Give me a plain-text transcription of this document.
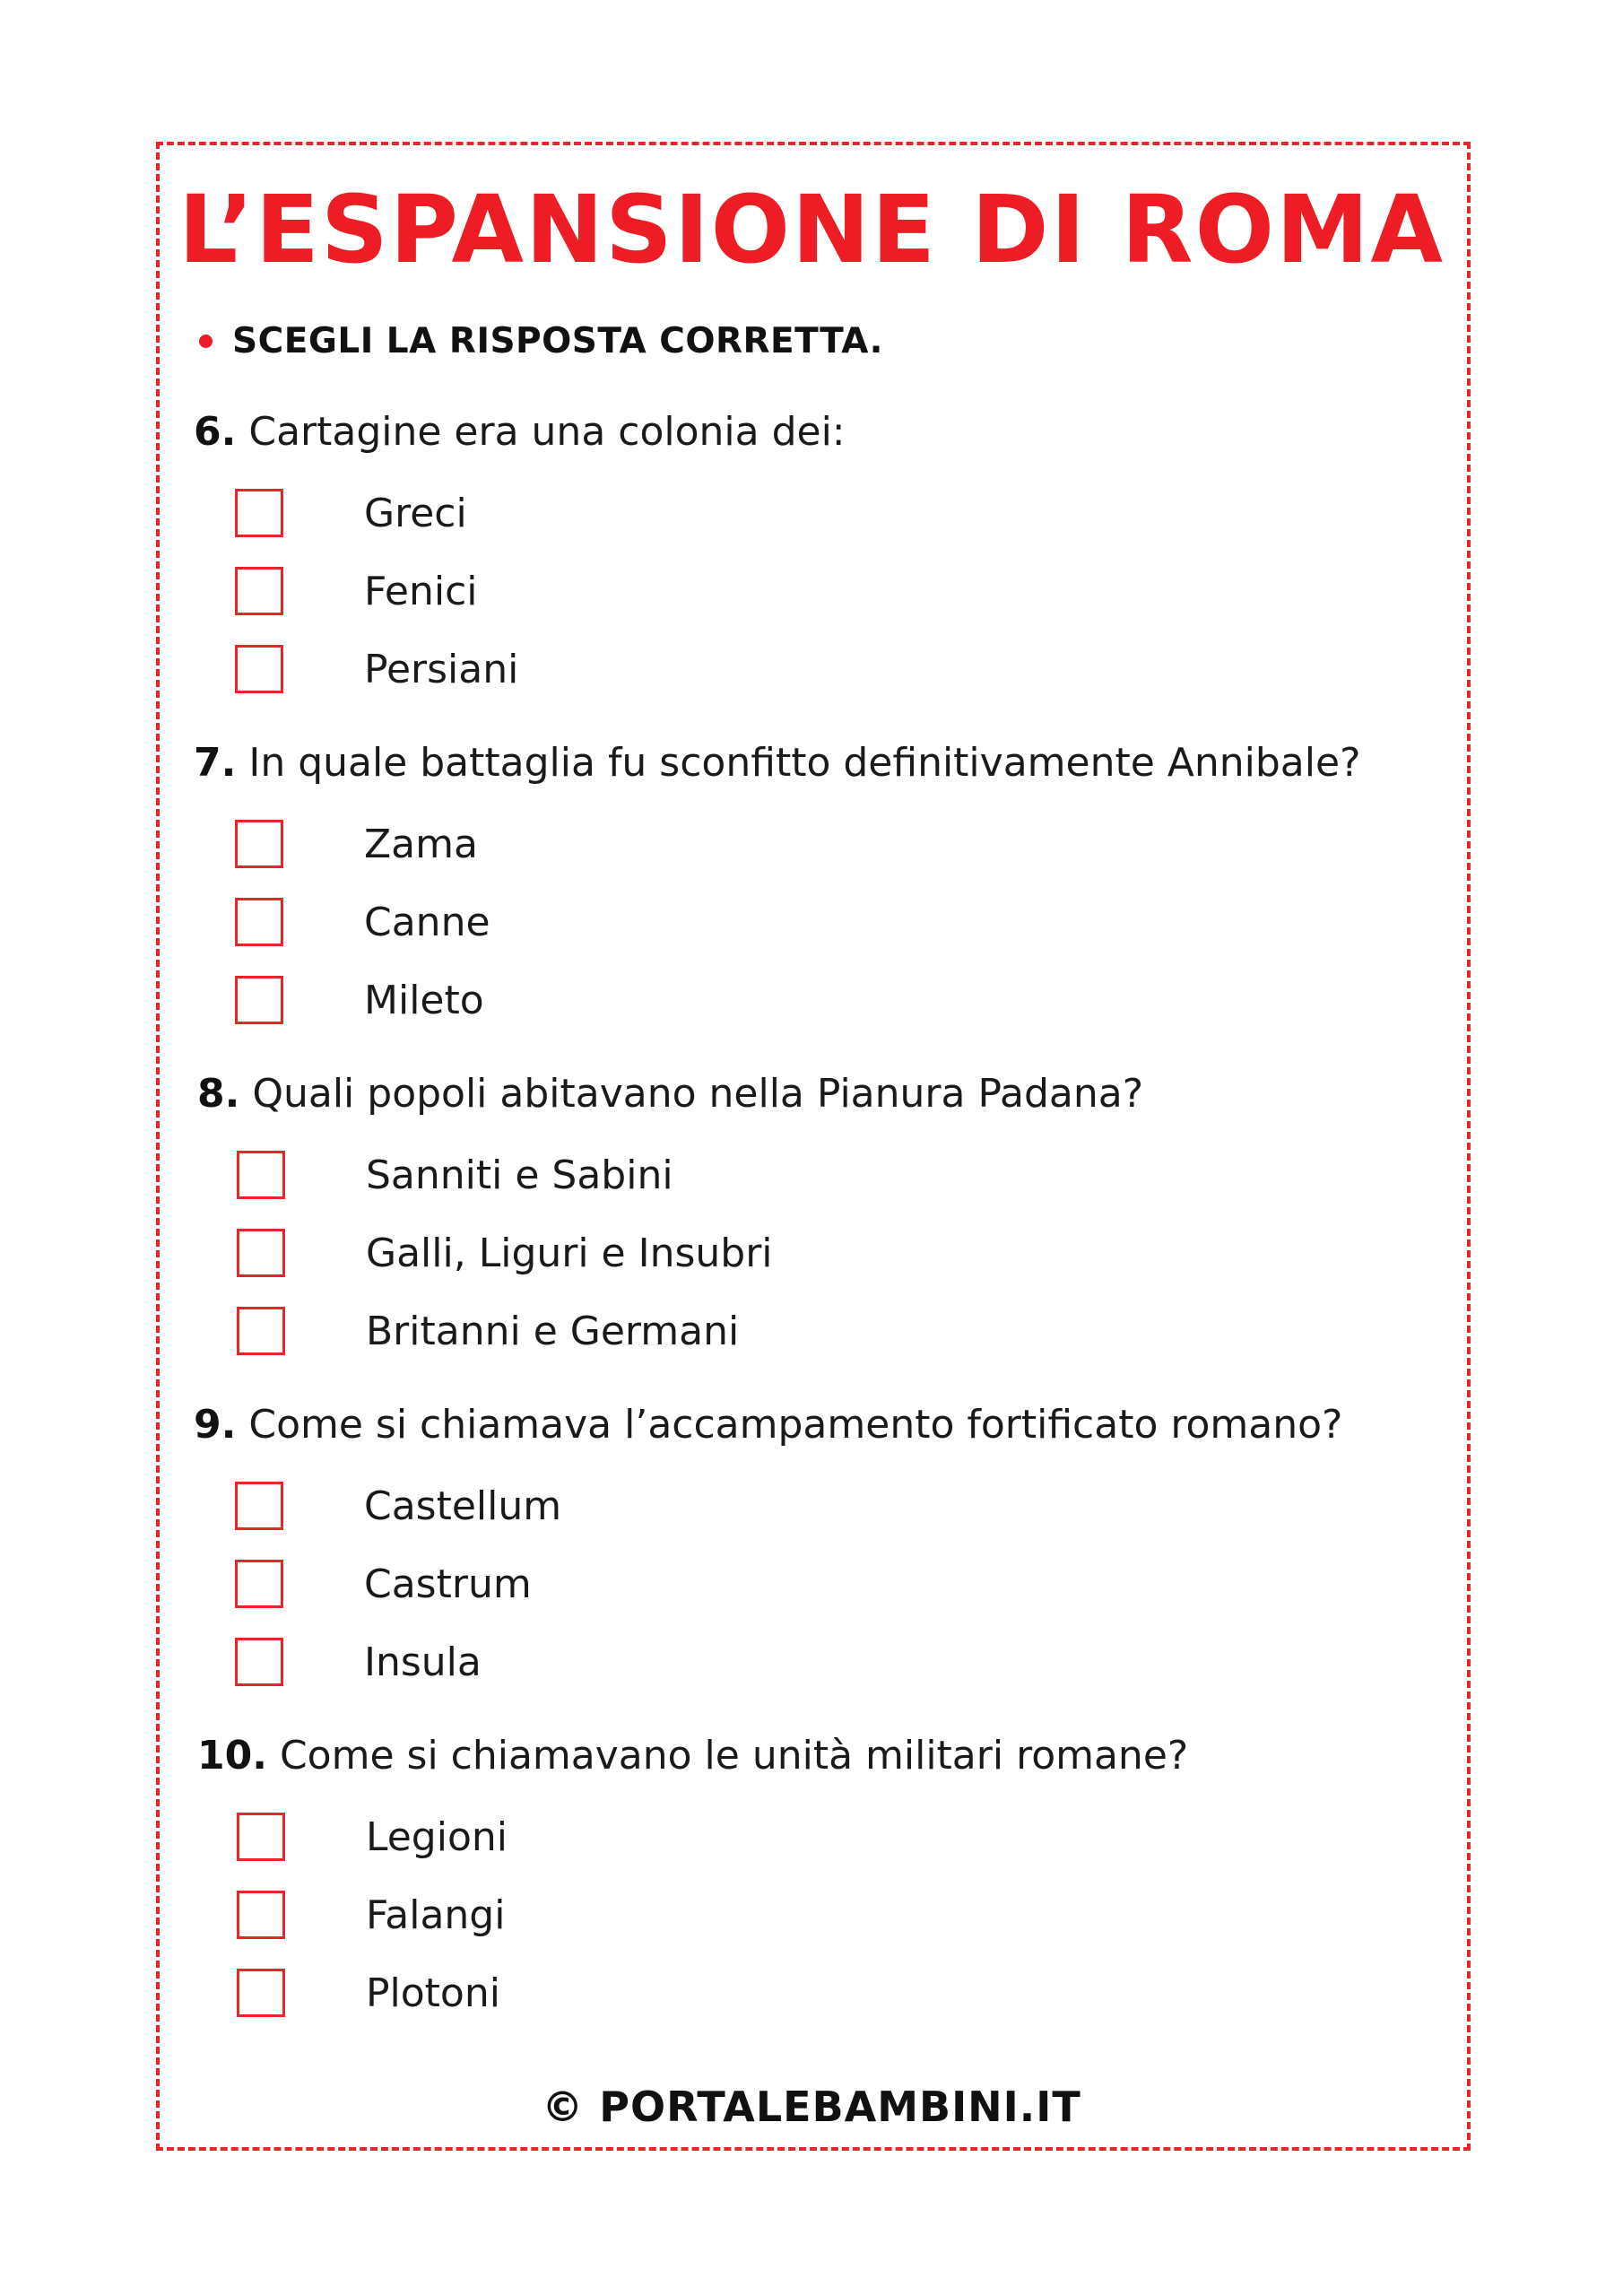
L’ESPANSIONE DI ROMA
SCEGLI LA RISPOSTA CORRETTA.
6. Cartagine era una colonia dei:
Greci
Fenici
Persiani
7. In quale battaglia fu sconfitto definitivamente Annibale?
Zama
Canne
Mileto
8. Quali popoli abitavano nella Pianura Padana?
Sanniti e Sabini
Galli, Liguri e Insubri
Britanni e Germani
9. Come si chiamava l’accampamento fortificato romano?
Castellum
Castrum
Insula
10. Come si chiamavano le unità militari romane?
Legioni
Falangi
Plotoni
© PORTALEBAMBINI.IT
